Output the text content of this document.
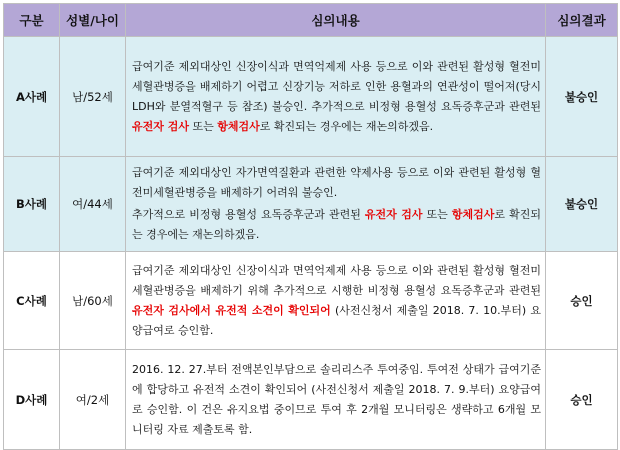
구분	성별/나이	심의내용	심의결과
A사례	남/52세	급여기준 제외대상인 신장이식과 면역억제제 사용 등으로 이와 관련된 활성형 혈전미세혈관병증을 배제하기 어렵고 신장기능 저하로 인한 용혈과의 연관성이 떨어져(당시 LDH와 분열적혈구 등 참조) 불승인. 추가적으로 비정형 용혈성 요독증후군과 관련된 유전자 검사 또는 항체검사로 확진되는 경우에는 재논의하겠음.	불승인
B사례	여/44세	급여기준 제외대상인 자가면역질환과 관련한 약제사용 등으로 이와 관련된 활성형 혈전미세혈관병증을 배제하기 어려워 불승인.
추가적으로 비정형 용혈성 요독증후군과 관련된 유전자 검사 또는 항체검사로 확진되는 경우에는 재논의하겠음.	불승인
C사례	남/60세	급여기준 제외대상인 신장이식과 면역억제제 사용 등으로 이와 관련된 활성형 혈전미세혈관병증을 배제하기 위해 추가적으로 시행한 비정형 용혈성 요독증후군과 관련된 유전자 검사에서 유전적 소견이 확인되어 (사전신청서 제출일 2018. 7. 10.부터) 요양급여로 승인함.	승인
D사례	여/2세	2016. 12. 27.부터 전액본인부담으로 솔리리스주 투여중임. 투여전 상태가 급여기준에 합당하고 유전적 소견이 확인되어 (사전신청서 제출일 2018. 7. 9.부터) 요양급여로 승인함. 이 건은 유지요법 중이므로 투여 후 2개월 모니터링은 생략하고 6개월 모니터링 자료 제출토록 함.	승인
